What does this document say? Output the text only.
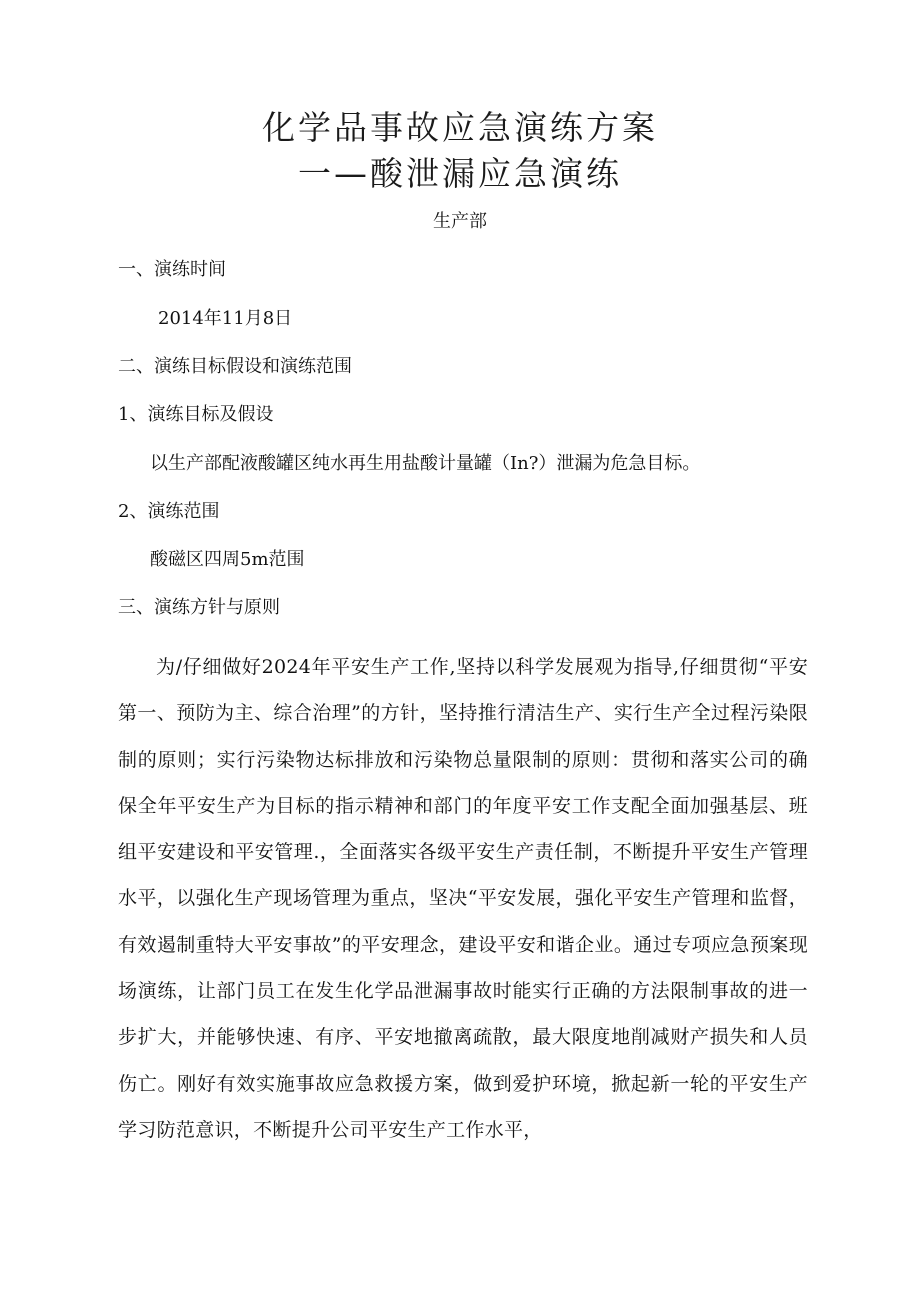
化学品事故应急演练方案
一—酸泄漏应急演练
生产部
一、演练时间
2014年11月8日
二、演练目标假设和演练范围
1、演练目标及假设
以生产部配液酸罐区纯水再生用盐酸计量罐（In?）泄漏为危急目标。
2、演练范围
酸磁区四周5m范围
三、演练方针与原则
为/仔细做好2024年平安生产工作,坚持以科学发展观为指导,仔细贯彻“平安第一、预防为主、综合治理”的方针，坚持推行清洁生产、实行生产全过程污染限制的原则；实行污染物达标排放和污染物总量限制的原则：贯彻和落实公司的确保全年平安生产为目标的指示精神和部门的年度平安工作支配全面加强基层、班组平安建设和平安管理.，全面落实各级平安生产责任制，不断提升平安生产管理水平，以强化生产现场管理为重点，坚决“平安发展，强化平安生产管理和监督，有效遏制重特大平安事故”的平安理念，建设平安和谐企业。通过专项应急预案现场演练，让部门员工在发生化学品泄漏事故时能实行正确的方法限制事故的进一步扩大，并能够快速、有序、平安地撤离疏散，最大限度地削减财产损失和人员伤亡。刚好有效实施事故应急救援方案，做到爱护环境，掀起新一轮的平安生产学习防范意识，不断提升公司平安生产工作水平，
